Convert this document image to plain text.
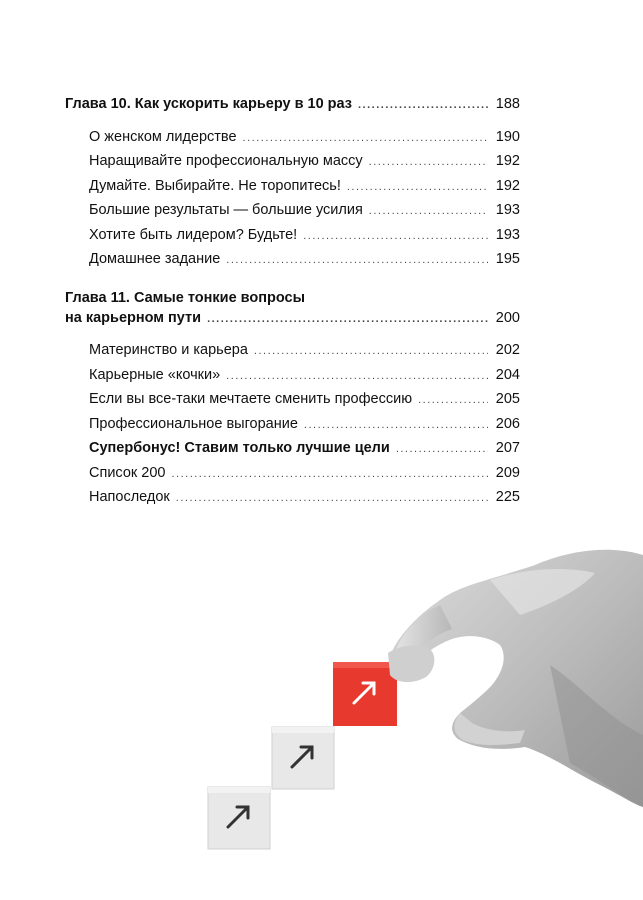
Глава 10. Как ускорить карьеру в 10 раз .....	188
О женском лидерстве .....	190
Наращивайте профессиональную массу .....	192
Думайте. Выбирайте. Не торопитесь! .....	192
Большие результаты — большие усилия .....	193
Хотите быть лидером? Будьте! .....	193
Домашнее задание .....	195
Глава 11. Самые тонкие вопросы
на карьерном пути .....	200
Материнство и карьера .....	202
Карьерные «кочки» .....	204
Если вы все-таки мечтаете сменить профессию .....	205
Профессиональное выгорание .....	206
Супербонус! Ставим только лучшие цели .....	207
Список 200 .....	209
Напоследок .....	225
